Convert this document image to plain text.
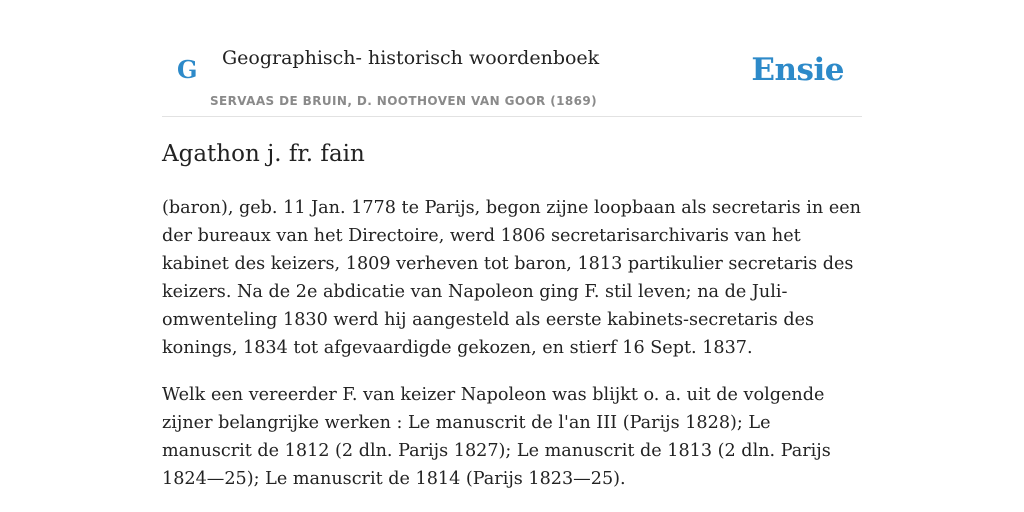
G Geographisch- historisch woordenboek
SERVAAS DE BRUIN, D. NOOTHOVEN VAN GOOR (1869)
Ensie
Agathon j. fr. fain

(baron), geb. 11 Jan. 1778 te Parijs, begon zijne loopbaan als secretaris in een der bureaux van het Directoire, werd 1806 secretarisarchivaris van het kabinet des keizers, 1809 verheven tot baron, 1813 partikulier secretaris des keizers. Na de 2e abdicatie van Napoleon ging F. stil leven; na de Juli-omwenteling 1830 werd hij aangesteld als eerste kabinets-secretaris des konings, 1834 tot afgevaardigde gekozen, en stierf 16 Sept. 1837.

Welk een vereerder F. van keizer Napoleon was blijkt o. a. uit de volgende zijner belangrijke werken : Le manuscrit de l'an III (Parijs 1828); Le manuscrit de 1812 (2 dln. Parijs 1827); Le manuscrit de 1813 (2 dln. Parijs 1824—25); Le manuscrit de 1814 (Parijs 1823—25).
